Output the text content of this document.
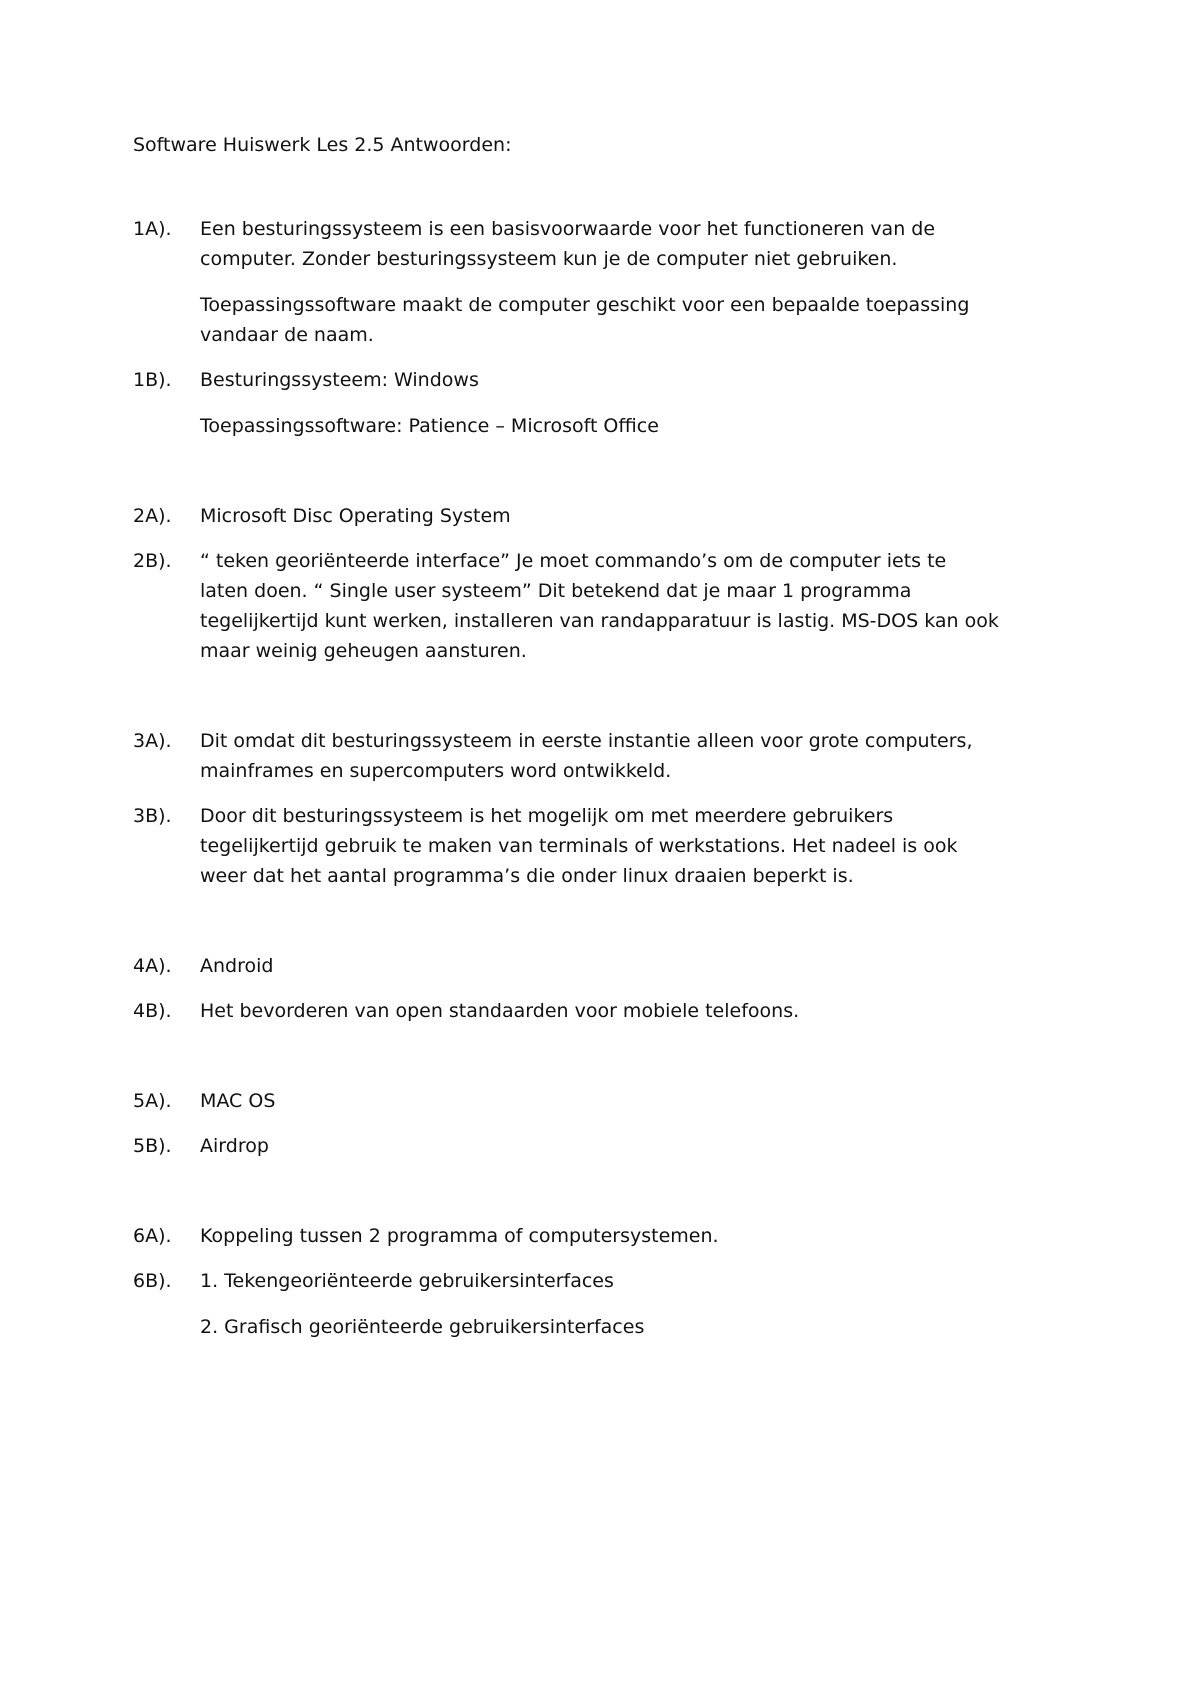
Software Huiswerk Les 2.5 Antwoorden:

1A).	Een besturingssysteem is een basisvoorwaarde voor het functioneren van de computer. Zonder besturingssysteem kun je de computer niet gebruiken.

Toepassingssoftware maakt de computer geschikt voor een bepaalde toepassing vandaar de naam.

1B).	Besturingssysteem: Windows

Toepassingssoftware: Patience – Microsoft Office

2A).	Microsoft Disc Operating System

2B).	“ teken georiënteerde interface” Je moet commando’s om de computer iets te laten doen. “ Single user systeem” Dit betekend dat je maar 1 programma tegelijkertijd kunt werken, installeren van randapparatuur is lastig. MS-DOS kan ook maar weinig geheugen aansturen.

3A).	Dit omdat dit besturingssysteem in eerste instantie alleen voor grote computers, mainframes en supercomputers word ontwikkeld.

3B).	Door dit besturingssysteem is het mogelijk om met meerdere gebruikers tegelijkertijd gebruik te maken van terminals of werkstations. Het nadeel is ook weer dat het aantal programma’s die onder linux draaien beperkt is.

4A).	Android

4B).	Het bevorderen van open standaarden voor mobiele telefoons.

5A).	MAC OS

5B).	Airdrop

6A).	Koppeling tussen 2 programma of computersystemen.

6B).	1. Tekengeoriënteerde gebruikersinterfaces

2. Grafisch georiënteerde gebruikersinterfaces
